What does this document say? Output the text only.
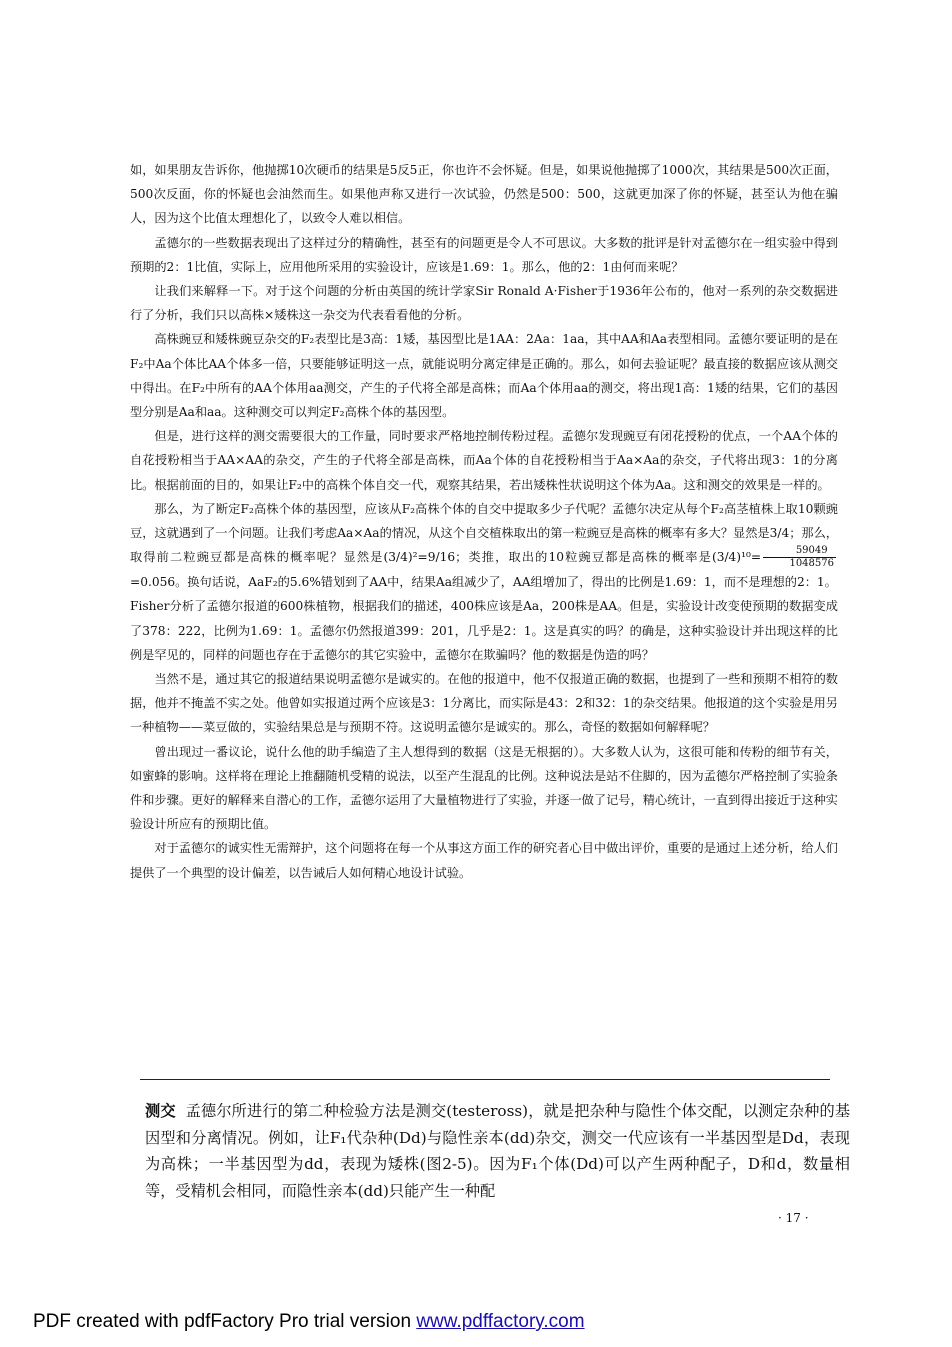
如，如果朋友告诉你，他抛掷10次硬币的结果是5反5正，你也许不会怀疑。但是，如果说他抛掷了1000次，其结果是500次正面，500次反面，你的怀疑也会油然而生。如果他声称又进行一次试验，仍然是500：500，这就更加深了你的怀疑，甚至认为他在骗人，因为这个比值太理想化了，以致令人难以相信。

孟德尔的一些数据表现出了这样过分的精确性，甚至有的问题更是令人不可思议。大多数的批评是针对孟德尔在一组实验中得到预期的2：1比值，实际上，应用他所采用的实验设计，应该是1.69：1。那么，他的2：1由何而来呢？

让我们来解释一下。对于这个问题的分析由英国的统计学家Sir Ronald A·Fisher于1936年公布的，他对一系列的杂交数据进行了分析，我们只以高株×矮株这一杂交为代表看看他的分析。

高株豌豆和矮株豌豆杂交的F₂表型比是3高：1矮，基因型比是1AA：2Aa：1aa，其中AA和Aa表型相同。孟德尔要证明的是在F₂中Aa个体比AA个体多一倍，只要能够证明这一点，就能说明分离定律是正确的。那么，如何去验证呢？最直接的数据应该从测交中得出。在F₂中所有的AA个体用aa测交，产生的子代将全部是高株；而Aa个体用aa的测交，将出现1高：1矮的结果，它们的基因型分别是Aa和aa。这种测交可以判定F₂高株个体的基因型。

但是，进行这样的测交需要很大的工作量，同时要求严格地控制传粉过程。孟德尔发现豌豆有闭花授粉的优点，一个AA个体的自花授粉相当于AA×AA的杂交，产生的子代将全部是高株，而Aa个体的自花授粉相当于Aa×Aa的杂交，子代将出现3：1的分离比。根据前面的目的，如果让F₂中的高株个体自交一代，观察其结果，若出矮株性状说明这个体为Aa。这和测交的效果是一样的。

那么，为了断定F₂高株个体的基因型，应该从F₂高株个体的自交中提取多少子代呢？孟德尔决定从每个F₂高茎植株上取10颗豌豆，这就遇到了一个问题。让我们考虑Aa×Aa的情况，从这个自交植株取出的第一粒豌豆是高株的概率有多大？显然是3/4；那么，取得前二粒豌豆都是高株的概率呢？显然是(3/4)²=9/16；类推，取出的10粒豌豆都是高株的概率是$(3/4)^{10}= \frac{59049}{1048576}$
=0.056。换句话说，AaF₂的5.6%错划到了AA中，结果Aa组减少了，AA组增加了，得出的比例是1.69：1，而不是理想的2：1。

Fisher分析了孟德尔报道的600株植物，根据我们的描述，400株应该是Aa，200株是AA。但是，实验设计改变使预期的数据变成了378：222，比例为1.69：1。孟德尔仍然报道399：201，几乎是2：1。这是真实的吗？的确是，这种实验设计并出现这样的比例是罕见的，同样的问题也存在于孟德尔的其它实验中，孟德尔在欺骗吗？他的数据是伪造的吗？

当然不是，通过其它的报道结果说明孟德尔是诚实的。在他的报道中，他不仅报道正确的数据，也提到了一些和预期不相符的数据，他并不掩盖不实之处。他曾如实报道过两个应该是3：1分离比，而实际是43：2和32：1的杂交结果。他报道的这个实验是用另一种植物——菜豆做的，实验结果总是与预期不符。这说明孟德尔是诚实的。那么，奇怪的数据如何解释呢？

曾出现过一番议论，说什么他的助手编造了主人想得到的数据（这是无根据的）。大多数人认为，这很可能和传粉的细节有关，如蜜蜂的影响。这样将在理论上推翻随机受精的说法，以至产生混乱的比例。这种说法是站不住脚的，因为孟德尔严格控制了实验条件和步骤。更好的解释来自潜心的工作，孟德尔运用了大量植物进行了实验，并逐一做了记号，精心统计，一直到得出接近于这种实验设计所应有的预期比值。

对于孟德尔的诚实性无需辩护，这个问题将在每一个从事这方面工作的研究者心目中做出评价，重要的是通过上述分析，给人们提供了一个典型的设计偏差，以告诫后人如何精心地设计试验。

测交 孟德尔所进行的第二种检验方法是测交(testeross)，就是把杂种与隐性个体交配，以测定杂种的基因型和分离情况。例如，让F₁代杂种(Dd)与隐性亲本(dd)杂交，测交一代应该有一半基因型是Dd，表现为高株；一半基因型为dd，表现为矮株(图2-5)。因为F₁个体(Dd)可以产生两种配子，D和d，数量相等，受精机会相同，而隐性亲本(dd)只能产生一种配

· 17 ·
PDF created with pdfFactory Pro trial version www.pdffactory.com
